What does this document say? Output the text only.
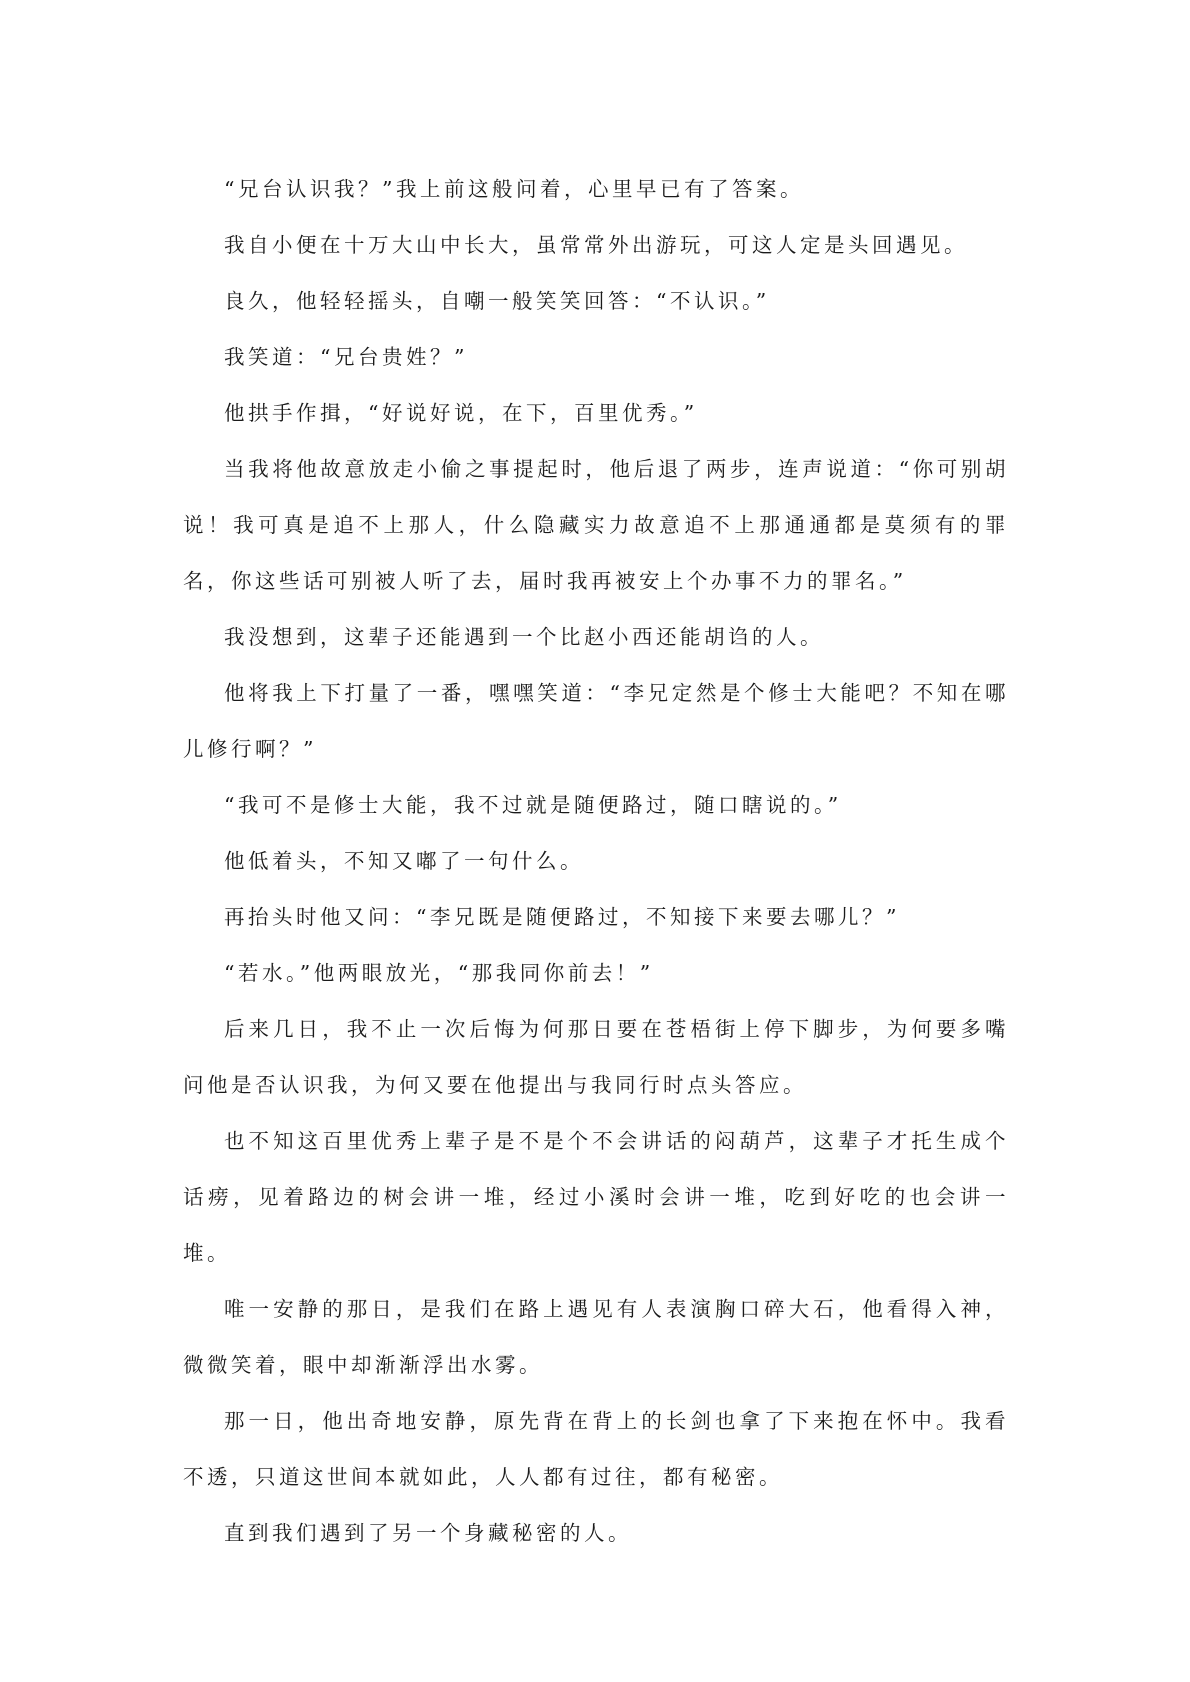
“兄台认识我？”我上前这般问着，心里早已有了答案。

我自小便在十万大山中长大，虽常常外出游玩，可这人定是头回遇见。

良久，他轻轻摇头，自嘲一般笑笑回答：“不认识。”

我笑道：“兄台贵姓？”

他拱手作揖，“好说好说，在下，百里优秀。”

当我将他故意放走小偷之事提起时，他后退了两步，连声说道：“你可别胡说！我可真是追不上那人，什么隐藏实力故意追不上那通通都是莫须有的罪名，你这些话可别被人听了去，届时我再被安上个办事不力的罪名。”

我没想到，这辈子还能遇到一个比赵小西还能胡诌的人。

他将我上下打量了一番，嘿嘿笑道：“李兄定然是个修士大能吧？不知在哪儿修行啊？”

“我可不是修士大能，我不过就是随便路过，随口瞎说的。”

他低着头，不知又嘟了一句什么。

再抬头时他又问：“李兄既是随便路过，不知接下来要去哪儿？”

“若水。”他两眼放光，“那我同你前去！”

后来几日，我不止一次后悔为何那日要在苍梧街上停下脚步，为何要多嘴问他是否认识我，为何又要在他提出与我同行时点头答应。

也不知这百里优秀上辈子是不是个不会讲话的闷葫芦，这辈子才托生成个话痨，见着路边的树会讲一堆，经过小溪时会讲一堆，吃到好吃的也会讲一堆。

唯一安静的那日，是我们在路上遇见有人表演胸口碎大石，他看得入神，微微笑着，眼中却渐渐浮出水雾。

那一日，他出奇地安静，原先背在背上的长剑也拿了下来抱在怀中。我看不透，只道这世间本就如此，人人都有过往，都有秘密。

直到我们遇到了另一个身藏秘密的人。
